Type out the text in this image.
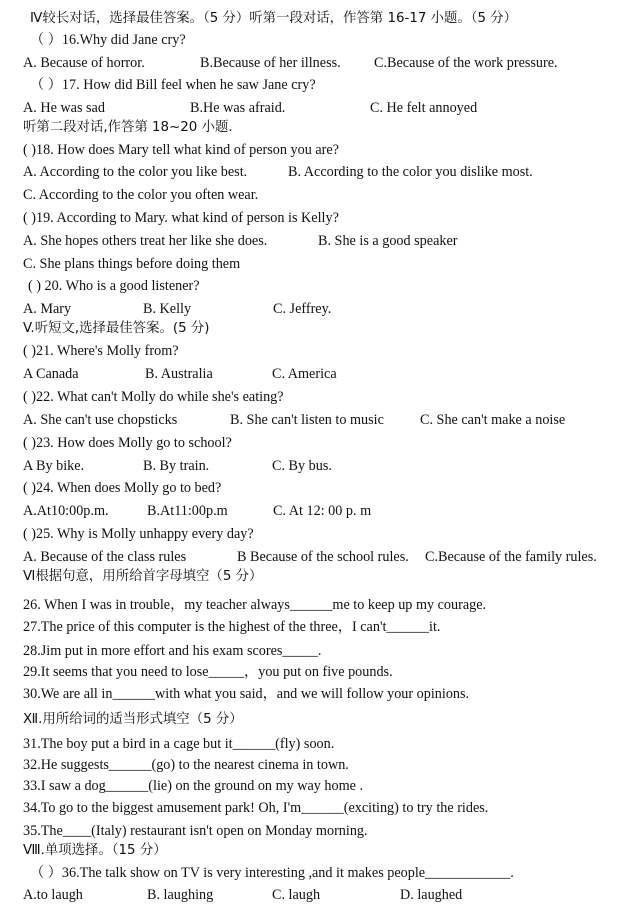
Ⅳ较长对话，选择最佳答案。（5 分）听第一段对话，作答第 16-17 小题。（5 分）
（ ）16.Why did Jane cry?
A. Because of horror.	B.Because of her illness. C.Because of the work pressure.
（ ）17. How did Bill feel when he saw Jane cry?
A. He was sad	B.He was afraid.	C. He felt annoyed
听第二段对话,作答第 18~20 小题.
( )18. How does Mary tell what kind of person you are?
A. According to the color you like best.	B. According to the color you dislike most.
C. According to the color you often wear.
( )19. According to Mary. what kind of person is Kelly?
A. She hopes others treat her like she does.	B. She is a good speaker
C. She plans things before doing them
( ) 20. Who is a good listener?
A. Mary	B. Kelly	C. Jeffrey.
V.听短文,选择最佳答案。(5 分)
( )21. Where's Molly from?
A Canada	B. Australia	C. America
( )22. What can't Molly do while she's eating?
A. She can't use chopsticks	B. She can't listen to music	C. She can't make a noise
( )23. How does Molly go to school?
A By bike.	B. By train.	C. By bus.
( )24. When does Molly go to bed?
A.At10:00p.m.	B.At11:00p.m	C. At 12: 00 p. m
( )25. Why is Molly unhappy every day?
A. Because of the class rules	B Because of the school rules. C.Because of the family rules.
Ⅵ根据句意，用所给首字母填空（5 分）
26. When I was in trouble，my teacher always______me to keep up my courage.
27.The price of this computer is the highest of the three，I can't______it.
28.Jim put in more effort and his exam scores_____.
29.It seems that you need to lose_____，you put on five pounds.
30.We are all in______with what you said，and we will follow your opinions.
Ⅻ.用所给词的适当形式填空（5 分）
31.The boy put a bird in a cage but it______(fly) soon.
32.He suggests______(go) to the nearest cinema in town.
33.I saw a dog______(lie) on the ground on my way home .
34.To go to the biggest amusement park! Oh, I'm______(exciting) to try the rides.
35.The____(Italy) restaurant isn't open on Monday morning.
Ⅷ.单项选择。（15 分）
（ ）36.The talk show on TV is very interesting ,and it makes people____________.
A.to laugh	B. laughing	C. laugh	D. laughed
